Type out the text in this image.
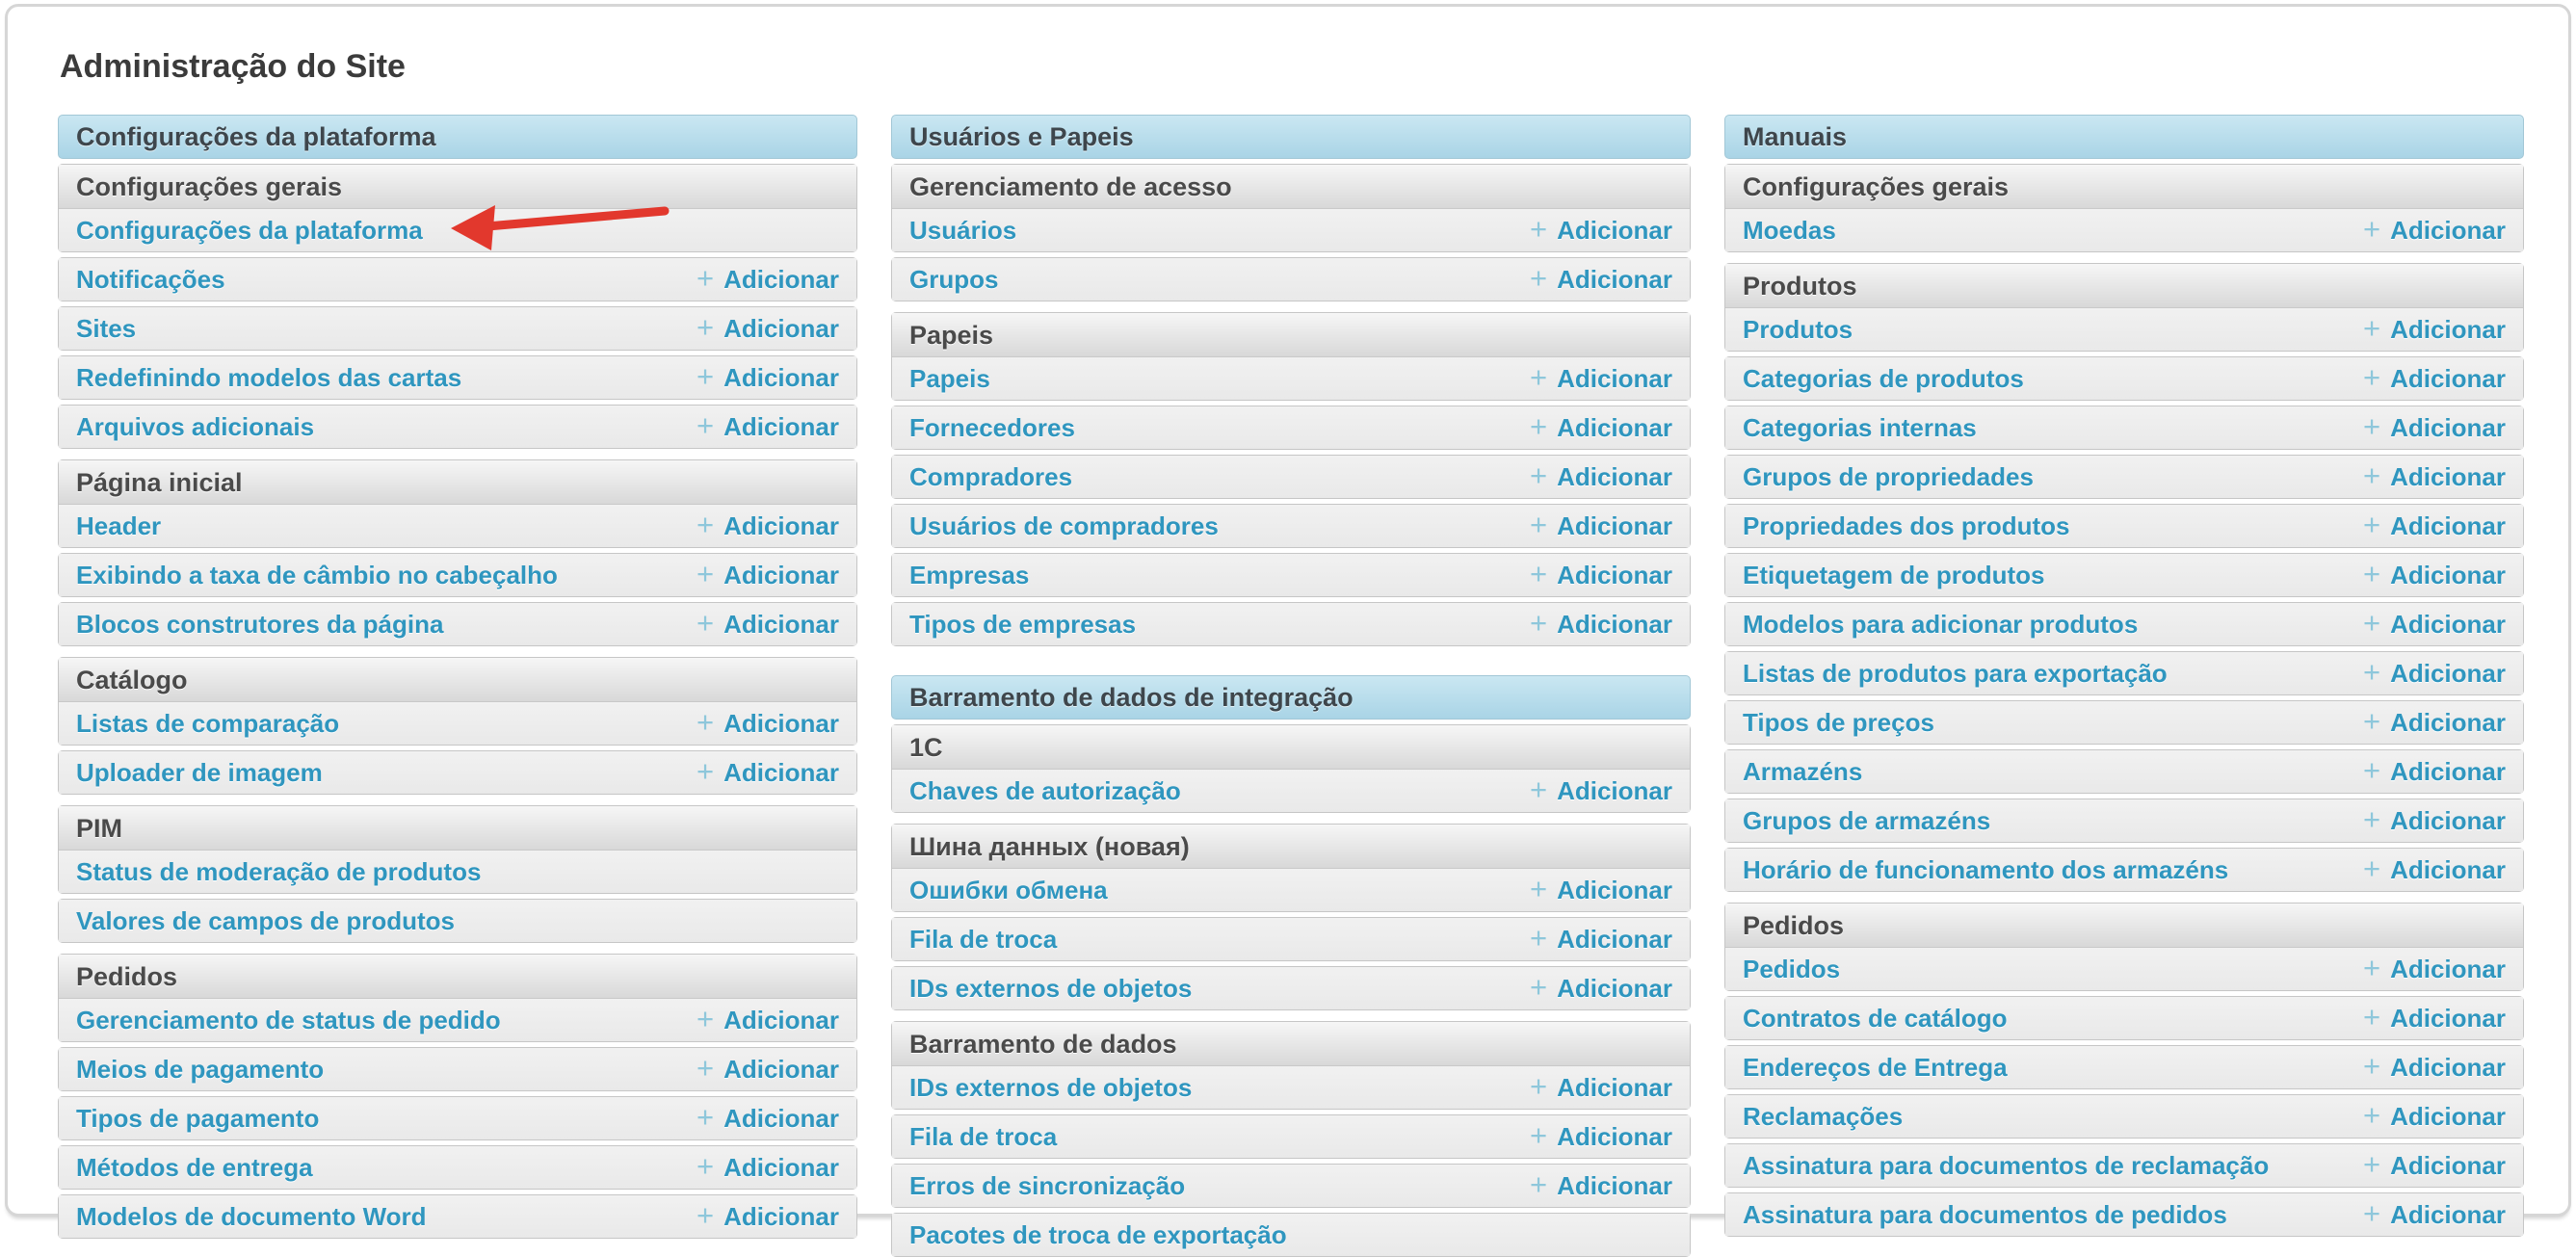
Administração do Site
Configurações da plataforma
Configurações gerais
Configurações da plataforma
Notificações	+ Adicionar
Sites	+ Adicionar
Redefinindo modelos das cartas	+ Adicionar
Arquivos adicionais	+ Adicionar
Página inicial
Header	+ Adicionar
Exibindo a taxa de câmbio no cabeçalho	+ Adicionar
Blocos construtores da página	+ Adicionar
Catálogo
Listas de comparação	+ Adicionar
Uploader de imagem	+ Adicionar
PIM
Status de moderação de produtos
Valores de campos de produtos
Pedidos
Gerenciamento de status de pedido	+ Adicionar
Meios de pagamento	+ Adicionar
Tipos de pagamento	+ Adicionar
Métodos de entrega	+ Adicionar
Modelos de documento Word	+ Adicionar
Usuários e Papeis
Gerenciamento de acesso
Usuários	+ Adicionar
Grupos	+ Adicionar
Papeis
Papeis	+ Adicionar
Fornecedores	+ Adicionar
Compradores	+ Adicionar
Usuários de compradores	+ Adicionar
Empresas	+ Adicionar
Tipos de empresas	+ Adicionar
Barramento de dados de integração
1C
Chaves de autorização	+ Adicionar
Шина данных (новая)
Ошибки обмена	+ Adicionar
Fila de troca	+ Adicionar
IDs externos de objetos	+ Adicionar
Barramento de dados
IDs externos de objetos	+ Adicionar
Fila de troca	+ Adicionar
Erros de sincronização	+ Adicionar
Pacotes de troca de exportação
Manuais
Configurações gerais
Moedas	+ Adicionar
Produtos
Produtos	+ Adicionar
Categorias de produtos	+ Adicionar
Categorias internas	+ Adicionar
Grupos de propriedades	+ Adicionar
Propriedades dos produtos	+ Adicionar
Etiquetagem de produtos	+ Adicionar
Modelos para adicionar produtos	+ Adicionar
Listas de produtos para exportação	+ Adicionar
Tipos de preços	+ Adicionar
Armazéns	+ Adicionar
Grupos de armazéns	+ Adicionar
Horário de funcionamento dos armazéns	+ Adicionar
Pedidos
Pedidos	+ Adicionar
Contratos de catálogo	+ Adicionar
Endereços de Entrega	+ Adicionar
Reclamações	+ Adicionar
Assinatura para documentos de reclamação	+ Adicionar
Assinatura para documentos de pedidos	+ Adicionar
